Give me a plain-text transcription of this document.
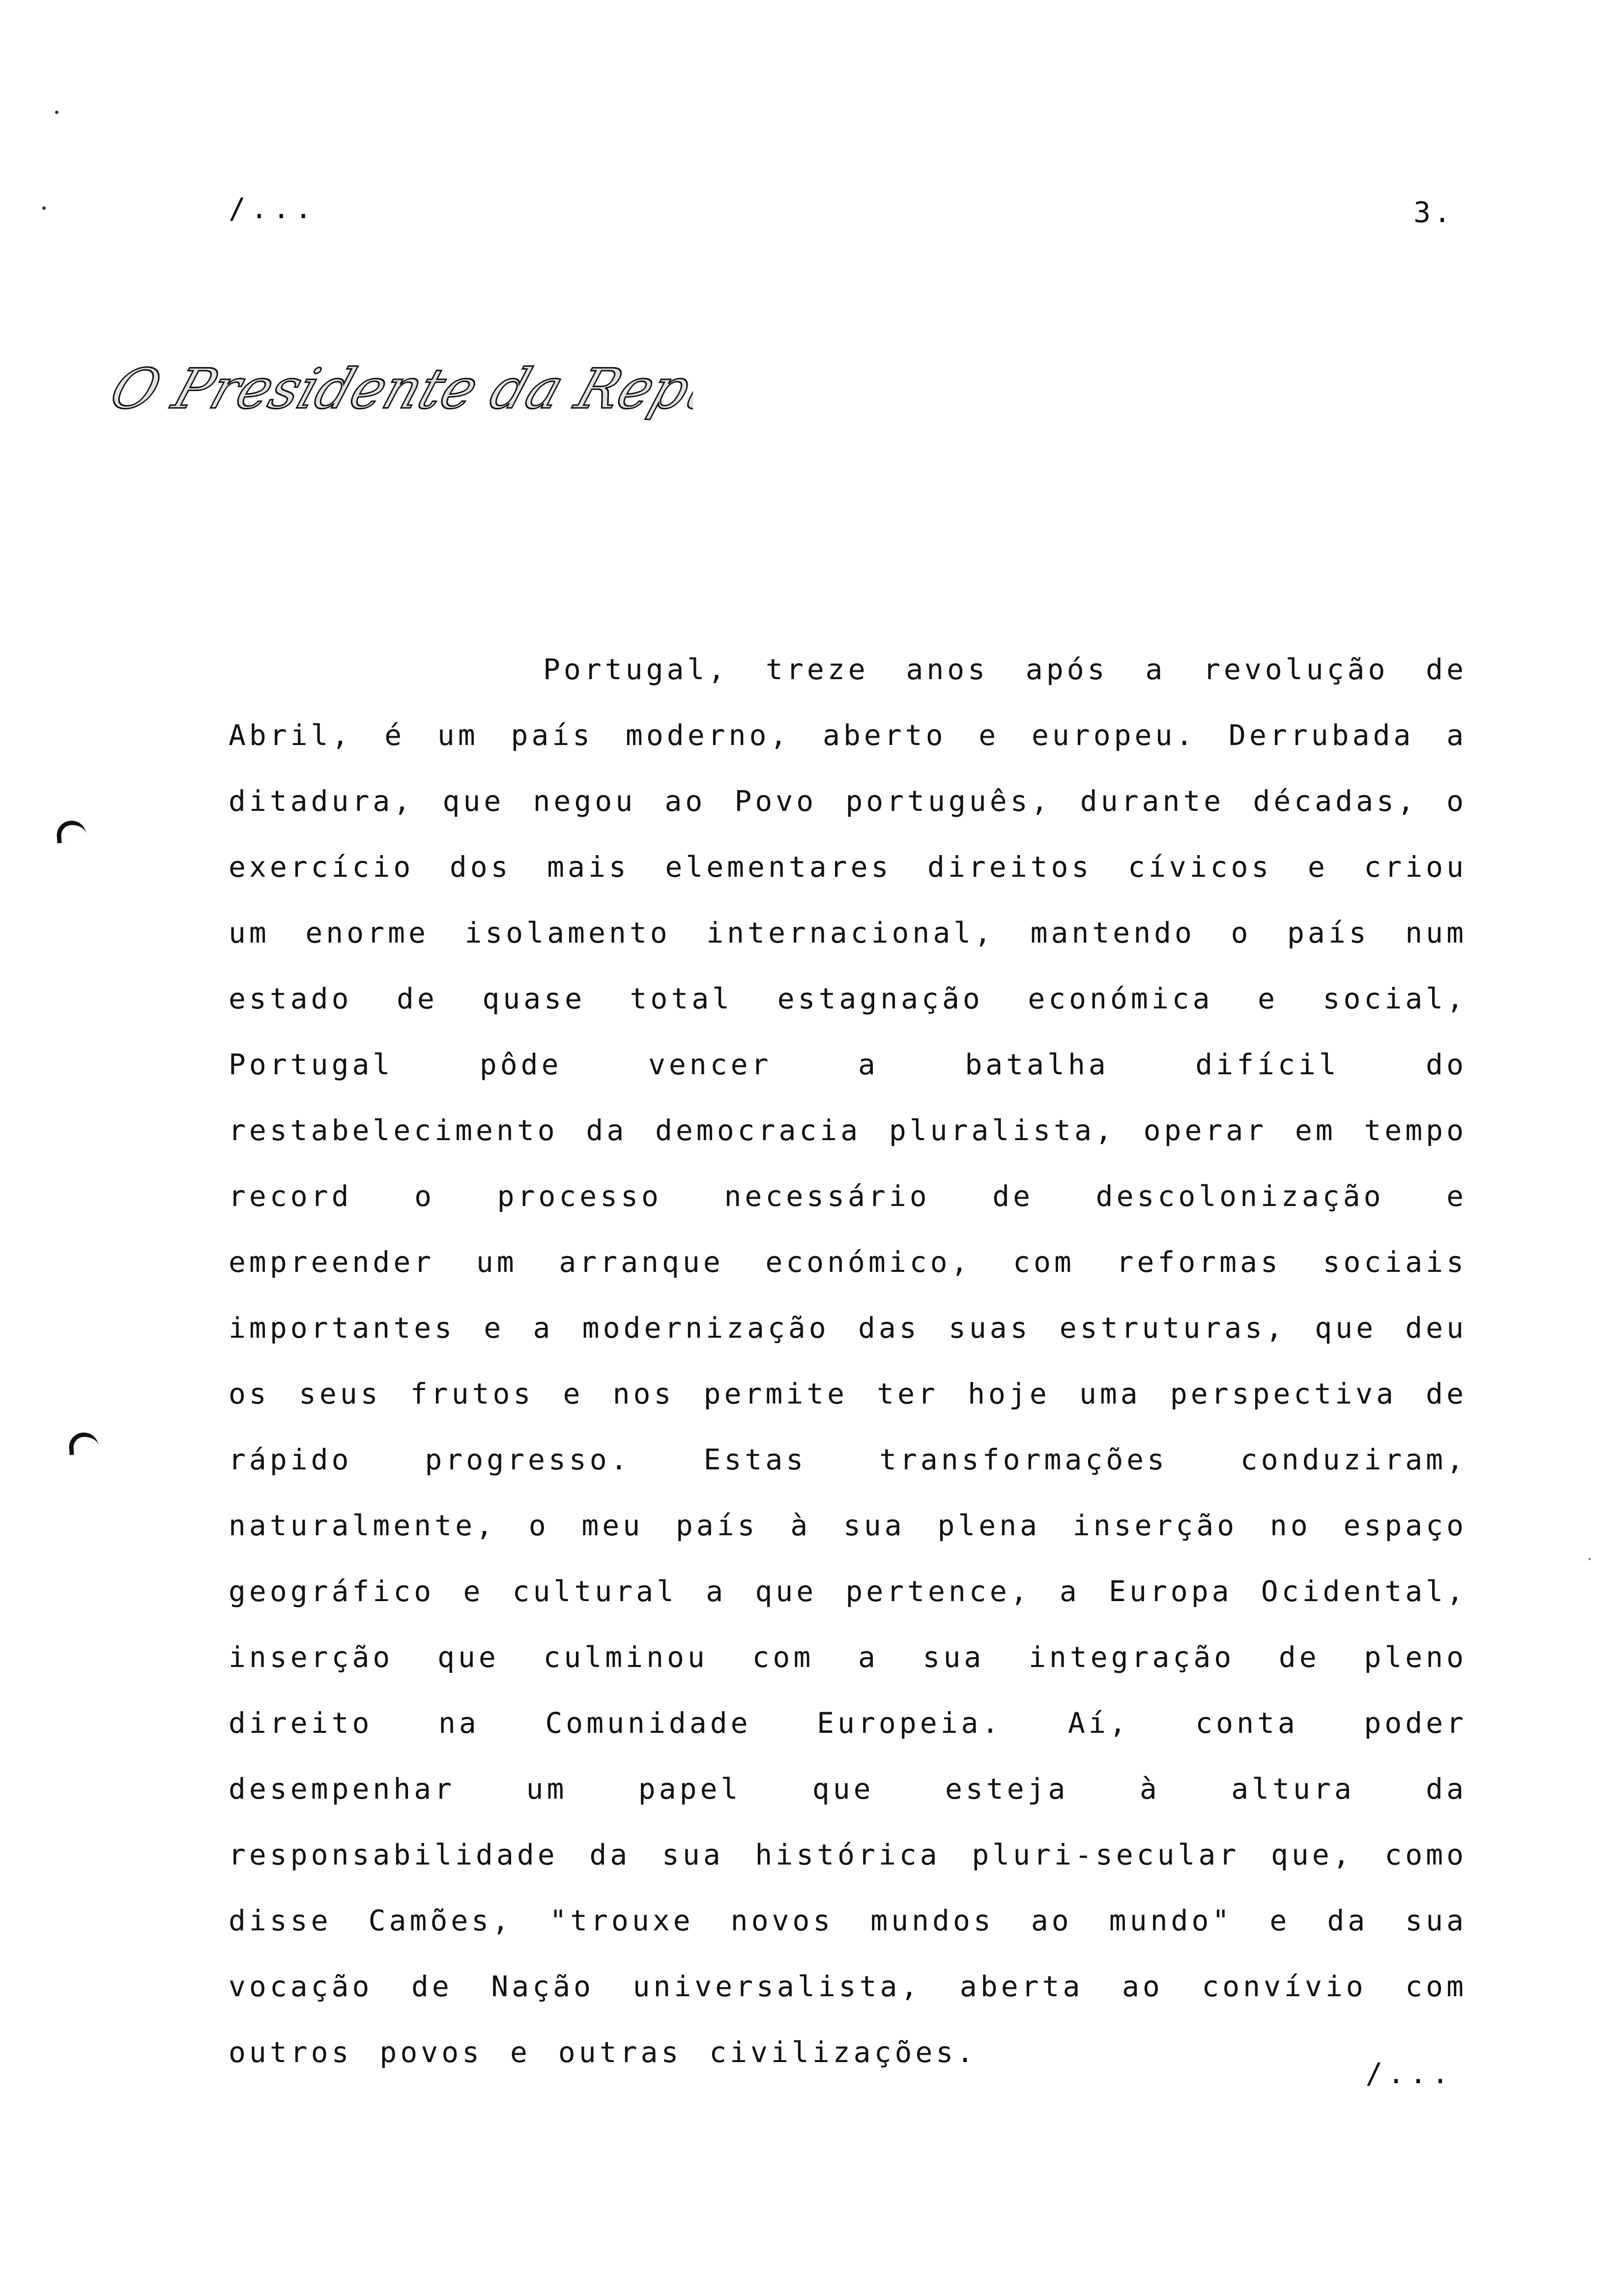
/...	3.
O Presidente da República
O Presidente da República

Portugal, treze anos após a revolução de Abril, é um país moderno, aberto e europeu. Derrubada a ditadura, que negou ao Povo português, durante décadas, o exercício dos mais elementares direitos cívicos e criou um enorme isolamento internacional, mantendo o país num estado de quase total estagnação económica e social, Portugal pôde vencer a batalha difícil do restabelecimento da democracia pluralista, operar em tempo record o processo necessário de descolonização e empreender um arranque económico, com reformas sociais importantes e a modernização das suas estruturas, que deu os seus frutos e nos permite ter hoje uma perspectiva de rápido progresso. Estas transformações conduziram, naturalmente, o meu país à sua plena inserção no espaço geográfico e cultural a que pertence, a Europa Ocidental, inserção que culminou com a sua integração de pleno direito na Comunidade Europeia. Aí, conta poder desempenhar um papel que esteja à altura da responsabilidade da sua histórica pluri-secular que, como disse Camões, "trouxe novos mundos ao mundo" e da sua vocação de Nação universalista, aberta ao convívio com outros povos e outras civilizações.

/...
